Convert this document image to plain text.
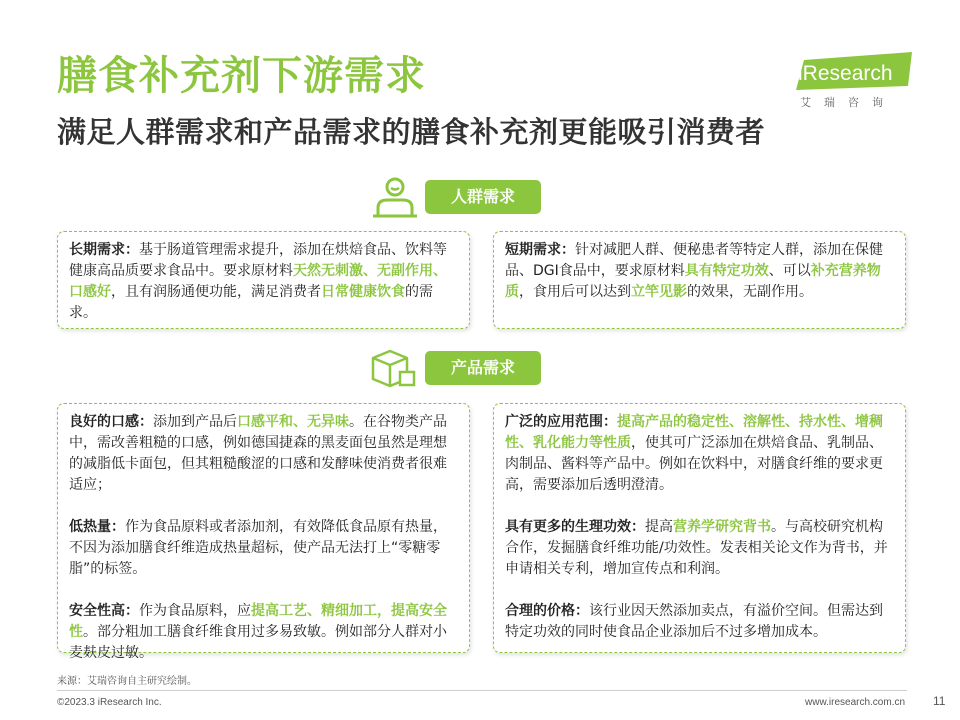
膳食补充剂下游需求
满足人群需求和产品需求的膳食补充剂更能吸引消费者
iResearch
艾瑞咨询
人群需求
长期需求：基于肠道管理需求提升，添加在烘焙食品、饮料等健康高品质要求食品中。要求原材料天然无刺激、无副作用、口感好，且有润肠通便功能，满足消费者日常健康饮食的需求。
短期需求：针对减肥人群、便秘患者等特定人群，添加在保健品、DGI食品中，要求原材料具有特定功效、可以补充营养物质，食用后可以达到立竿见影的效果，无副作用。
产品需求
良好的口感：添加到产品后口感平和、无异味。在谷物类产品中，需改善粗糙的口感，例如德国捷森的黑麦面包虽然是理想的减脂低卡面包，但其粗糙酸涩的口感和发酵味使消费者很难适应；
低热量：作为食品原料或者添加剂，有效降低食品原有热量，不因为添加膳食纤维造成热量超标，使产品无法打上“零糖零脂”的标签。
安全性高：作为食品原料，应提高工艺、精细加工，提高安全性。部分粗加工膳食纤维食用过多易致敏。例如部分人群对小麦麸皮过敏。
广泛的应用范围：提高产品的稳定性、溶解性、持水性、增稠性、乳化能力等性质，使其可广泛添加在烘焙食品、乳制品、肉制品、酱料等产品中。例如在饮料中，对膳食纤维的要求更高，需要添加后透明澄清。
具有更多的生理功效：提高营养学研究背书。与高校研究机构合作，发掘膳食纤维功能/功效性。发表相关论文作为背书，并申请相关专利，增加宣传点和利润。
合理的价格：该行业因天然添加卖点，有溢价空间。但需达到特定功效的同时使食品企业添加后不过多增加成本。
来源：艾瑞咨询自主研究绘制。
©2023.3 iResearch Inc.	www.iresearch.com.cn 11
